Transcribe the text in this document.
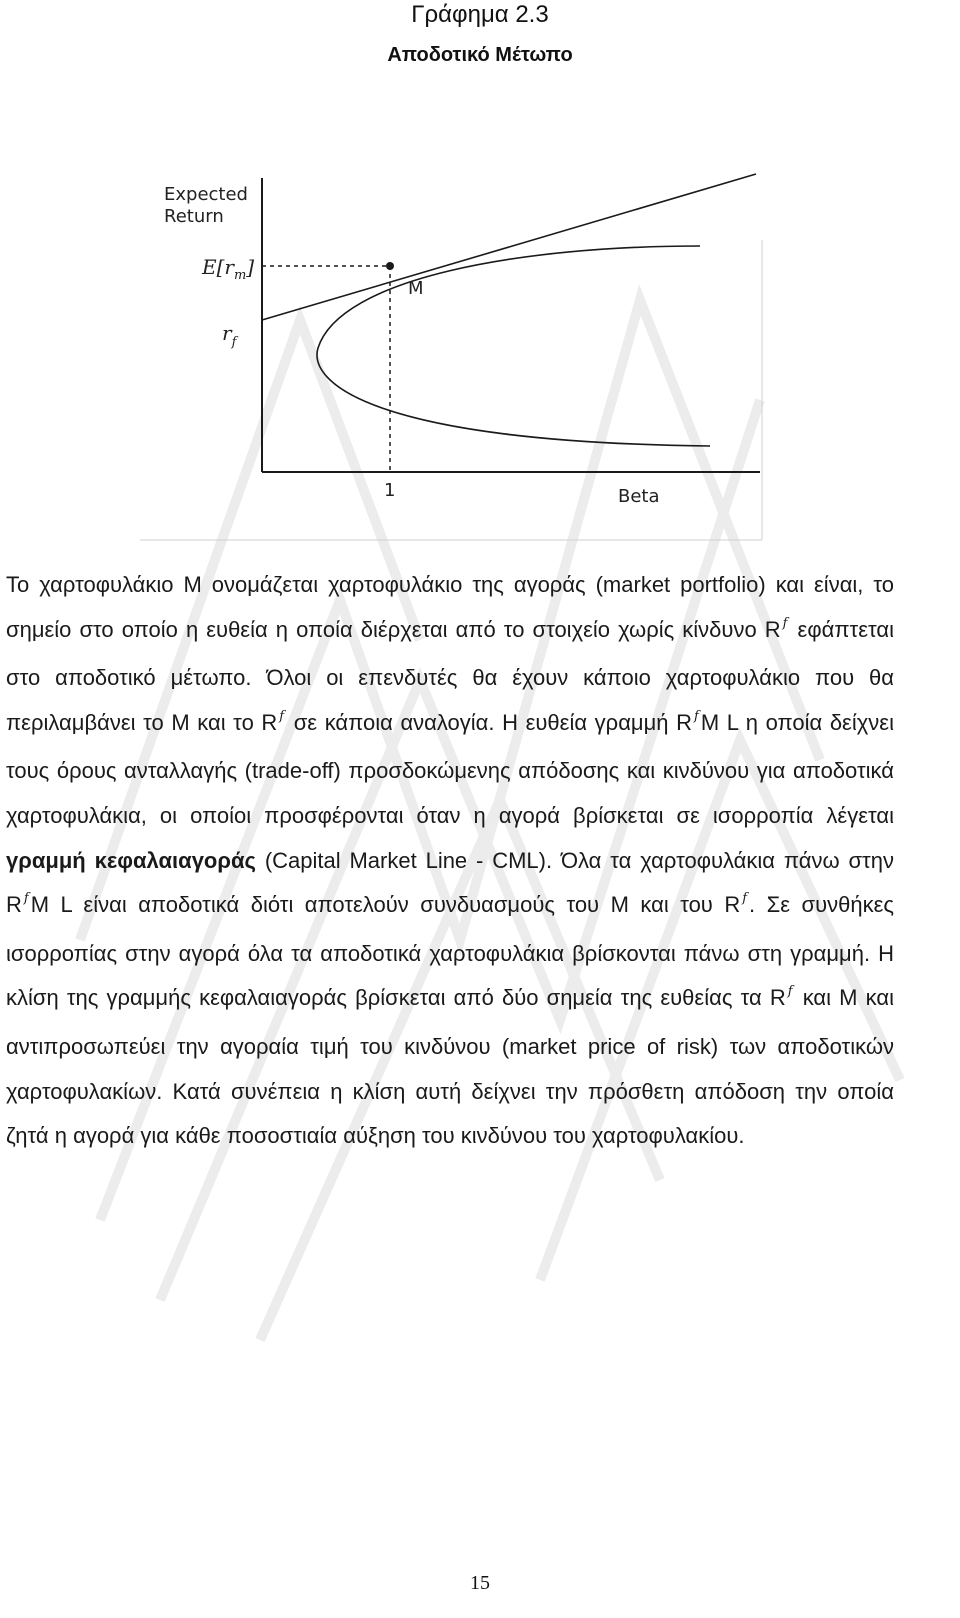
Γράφημα 2.3
Αποδοτικό Μέτωπο
Expected
Return
$E[r_m]$
$r_f$
M
1	Beta

Το χαρτοφυλάκιο Μ ονομάζεται χαρτοφυλάκιο της αγοράς (market portfolio) και είναι, το σημείο στο οποίο η ευθεία η οποία διέρχεται από το στοιχείο χωρίς κίνδυνο R $^f$ εφάπτεται στο αποδοτικό μέτωπο. Όλοι οι επενδυτές θα έχουν κάποιο χαρτοφυλάκιο που θα περιλαμβάνει το Μ και το R $^f$ σε κάποια αναλογία. Η ευθεία γραμμή R $^f$M L η οποία δείχνει τους όρους ανταλλαγής (trade-off) προσδοκώμενης απόδοσης και κινδύνου για αποδοτικά χαρτοφυλάκια, οι οποίοι προσφέρονται όταν η αγορά βρίσκεται σε ισορροπία λέγεται γραμμή κεφαλαιαγοράς (Capital Market Line - CML). Όλα τα χαρτοφυλάκια πάνω στην R $^f$M L είναι αποδοτικά διότι αποτελούν συνδυασμούς του Μ και του R $^f$. Σε συνθήκες ισορροπίας στην αγορά όλα τα αποδοτικά χαρτοφυλάκια βρίσκονται πάνω στη γραμμή. Η κλίση της γραμμής κεφαλαιαγοράς βρίσκεται από δύο σημεία της ευθείας τα R $^f$ και Μ και αντιπροσωπεύει την αγοραία τιμή του κινδύνου (market price of risk) των αποδοτικών χαρτοφυλακίων. Κατά συνέπεια η κλίση αυτή δείχνει την πρόσθετη απόδοση την οποία ζητά η αγορά για κάθε ποσοστιαία αύξηση του κινδύνου του χαρτοφυλακίου.

15
